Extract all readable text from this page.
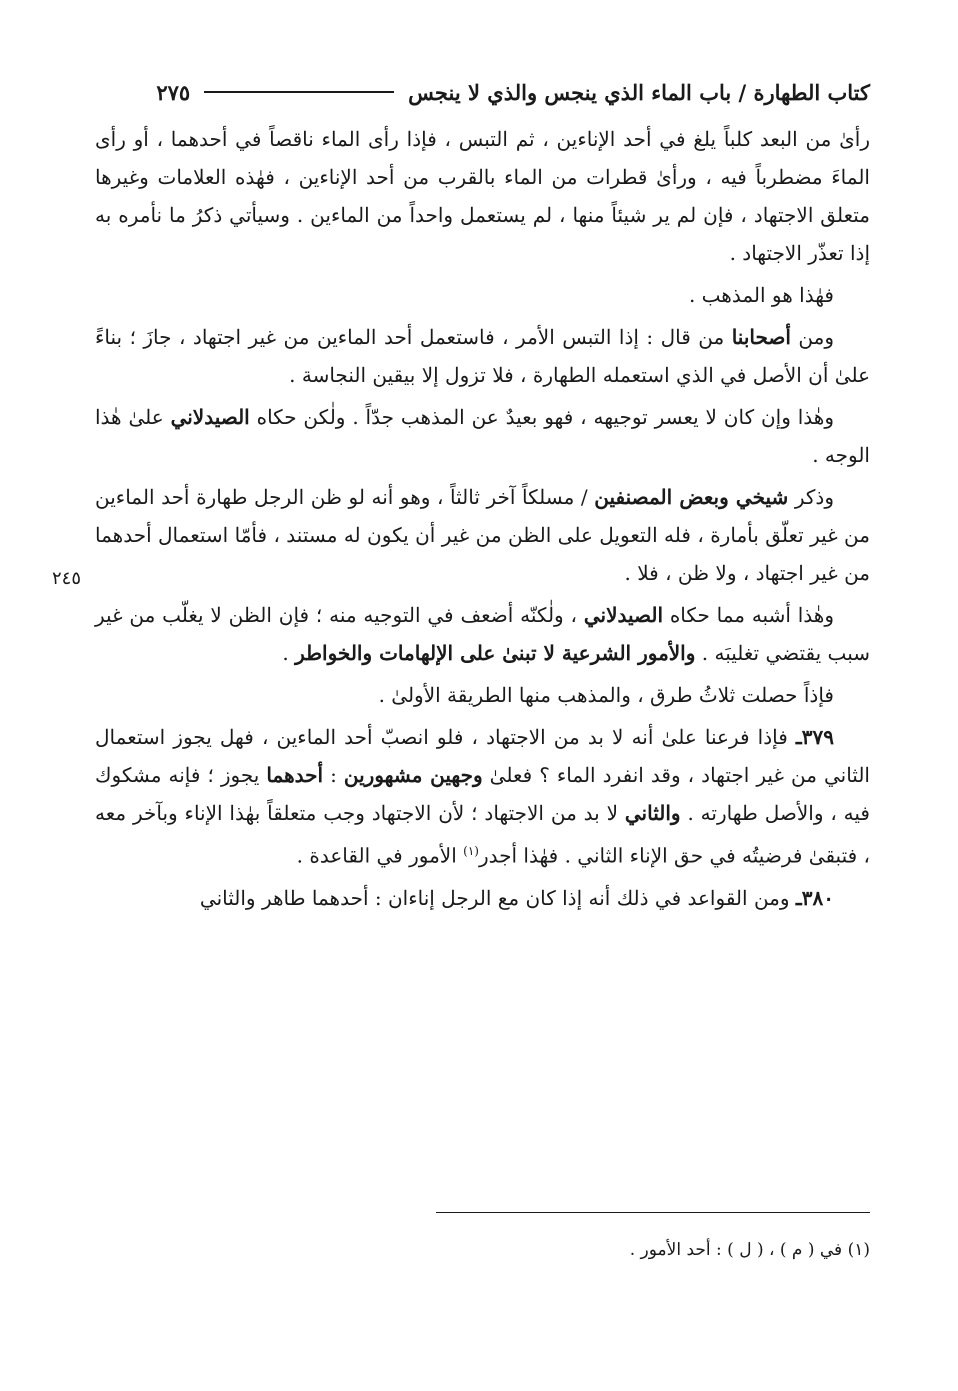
كتاب الطهارة / باب الماء الذي ينجس والذي لا ينجس
٢٧٥
٢٤٥

رأىٰ من البعد كلباً يلغ في أحد الإناءين ، ثم التبس ، فإذا رأى الماء ناقصاً في أحدهما ، أو رأى الماءَ مضطرباً فيه ، ورأىٰ قطرات من الماء بالقرب من أحد الإناءين ، فهٰذه العلامات وغيرها متعلق الاجتهاد ، فإن لم ير شيئاً منها ، لم يستعمل واحداً من الماءين . وسيأتي ذكرُ ما نأمره به إذا تعذّر الاجتهاد .

فهٰذا هو المذهب .

ومن أصحابنا من قال : إذا التبس الأمر ، فاستعمل أحد الماءين من غير اجتهاد ، جازَ ؛ بناءً علىٰ أن الأصل في الذي استعمله الطهارة ، فلا تزول إلا بيقين النجاسة .

وهٰذا وإن كان لا يعسر توجيهه ، فهو بعيدٌ عن المذهب جدّاً . ولٰكن حكاه الصيدلاني علىٰ هٰذا الوجه .

وذكر شيخي وبعض المصنفين / مسلكاً آخر ثالثاً ، وهو أنه لو ظن الرجل طهارة أحد الماءين من غير تعلّق بأمارة ، فله التعويل على الظن من غير أن يكون له مستند ، فأمّا استعمال أحدهما من غير اجتهاد ، ولا ظن ، فلا .

وهٰذا أشبه مما حكاه الصيدلاني ، ولٰكنّه أضعف في التوجيه منه ؛ فإن الظن لا يغلّب من غير سبب يقتضي تغليبَه . والأمور الشرعية لا تبنىٰ على الإلهامات والخواطر .

فإذاً حصلت ثلاثُ طرق ، والمذهب منها الطريقة الأولىٰ .

٣٧٩ـ فإذا فرعنا علىٰ أنه لا بد من الاجتهاد ، فلو انصبّ أحد الماءين ، فهل يجوز استعمال الثاني من غير اجتهاد ، وقد انفرد الماء ؟ فعلىٰ وجهين مشهورين : أحدهما يجوز ؛ فإنه مشكوك فيه ، والأصل طهارته . والثاني لا بد من الاجتهاد ؛ لأن الاجتهاد وجب متعلقاً بهٰذا الإناء وبآخر معه ، فتبقىٰ فرضيتُه في حق الإناء الثاني . فهٰذا أجدر$^{(١)}$ الأمور في القاعدة .

٣٨٠ـ ومن القواعد في ذلك أنه إذا كان مع الرجل إناءان : أحدهما طاهر والثاني

(١) في ( م ) ، ( ل ) : أحد الأمور .
